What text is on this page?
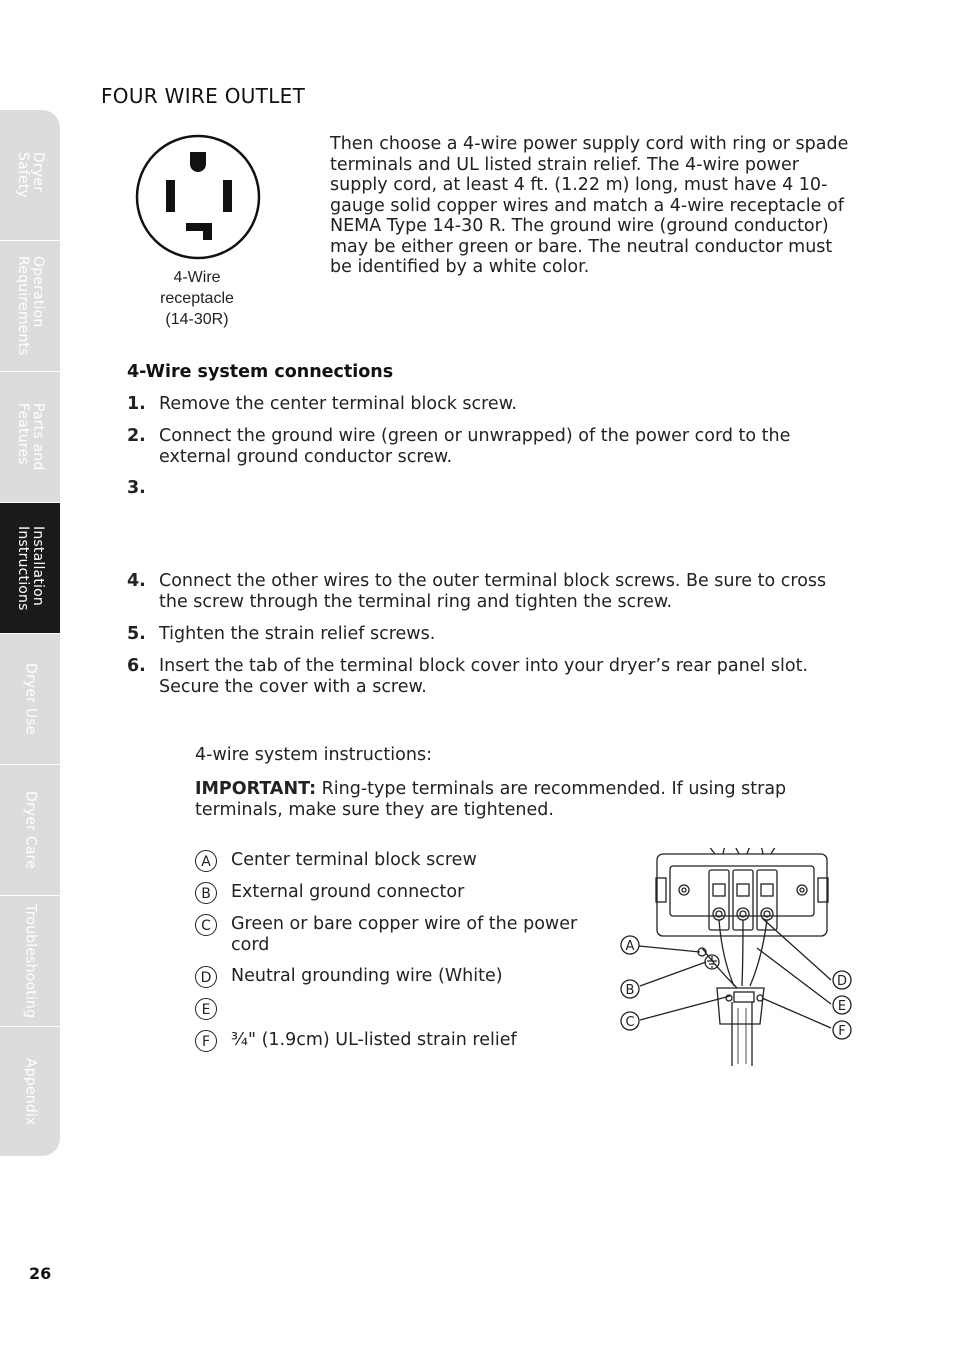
Dryer
Safety
Operation
Requirements
Parts and
Features
Installation
Instructions
Dryer Use
Dryer Care
Troubleshooting
Appendix
FOUR WIRE OUTLET
4-Wire
receptacle
(14-30R)
Then choose a 4-wire power supply cord with ring or spade terminals and UL listed strain relief. The 4-wire power supply cord, at least 4 ft. (1.22 m) long, must have 4 10-gauge solid copper wires and match a 4-wire receptacle of NEMA Type 14-30 R. The ground wire (ground conductor) may be either green or bare. The neutral conductor must be identified by a white color.
4-Wire system connections
1. Remove the center terminal block screw.
2. Connect the ground wire (green or unwrapped) of the power cord to the external ground conductor screw.
3.
4. Connect the other wires to the outer terminal block screws. Be sure to cross the screw through the terminal ring and tighten the screw.
5. Tighten the strain relief screws.
6. Insert the tab of the terminal block cover into your dryer’s rear panel slot. Secure the cover with a screw.
4-wire system instructions:
IMPORTANT: Ring-type terminals are recommended. If using strap terminals, make sure they are tightened.
A	Center terminal block screw
B	External ground connector
C	Green or bare copper wire of the power cord
D	Neutral grounding wire (White)
E
F	¾" (1.9cm) UL-listed strain relief
A
B
C
D
E
F
26
